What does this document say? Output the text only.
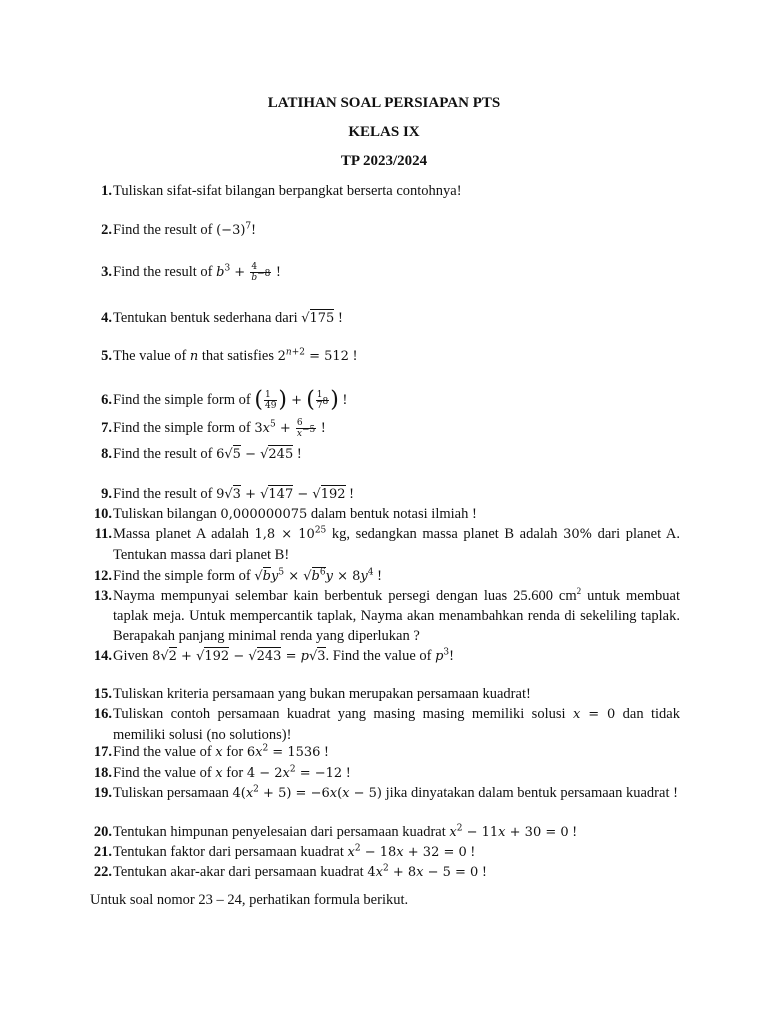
LATIHAN SOAL PERSIAPAN PTS
KELAS IX
TP 2023/2024
1. Tuliskan sifat-sifat bilangan berpangkat berserta contohnya!
2. Find the result of $(-3)^7$!
3. Find the result of $b^3 + \frac{4}{b^{-8}}$ !
4. Tentukan bentuk sederhana dari √175 !
5. The value of n that satisfies $2^{n+2} = 512$ !
6. Find the simple form of ( $\frac{1}{49}$ ) + ( $\frac{1}{7^8}$ ) !
7. Find the simple form of $3x^5 + \frac{6}{x^{-5}}$ !
8. Find the result of 6√5 − √245 !
9. Find the result of 9√3 + √147 − √192 !
10. Tuliskan bilangan 0,000000075 dalam bentuk notasi ilmiah !
11. Massa planet A adalah $1,8 \times 10^{25}$ kg, sedangkan massa planet B adalah 30% dari planet A. Tentukan massa dari planet B!
12. Find the simple form of $√by^5 \times √b^6y \times 8y^4$ !
13. Nayma mempunyai selembar kain berbentuk persegi dengan luas 25.600 $cm^2$ untuk membuat taplak meja. Untuk mempercantik taplak, Nayma akan menambahkan renda di sekeliling taplak. Berapakah panjang minimal renda yang diperlukan ?
14. Given 8√2 + √192 − √243 = p√3. Find the value of $p^3$!
15. Tuliskan kriteria persamaan yang bukan merupakan persamaan kuadrat!
16. Tuliskan contoh persamaan kuadrat yang masing masing memiliki solusi x = 0 dan tidak memiliki solusi (no solutions)!
17. Find the value of x for $6x^2 = 1536$ !
18. Find the value of x for $4 - 2x^2 = -12$ !
19. Tuliskan persamaan $4(x^2 + 5) = -6x(x - 5)$ jika dinyatakan dalam bentuk persamaan kuadrat !
20. Tentukan himpunan penyelesaian dari persamaan kuadrat $x^2 - 11x + 30 = 0$ !
21. Tentukan faktor dari persamaan kuadrat $x^2 - 18x + 32 = 0$ !
22. Tentukan akar-akar dari persamaan kuadrat $4x^2 + 8x - 5 = 0$ !
Untuk soal nomor 23 – 24, perhatikan formula berikut.
